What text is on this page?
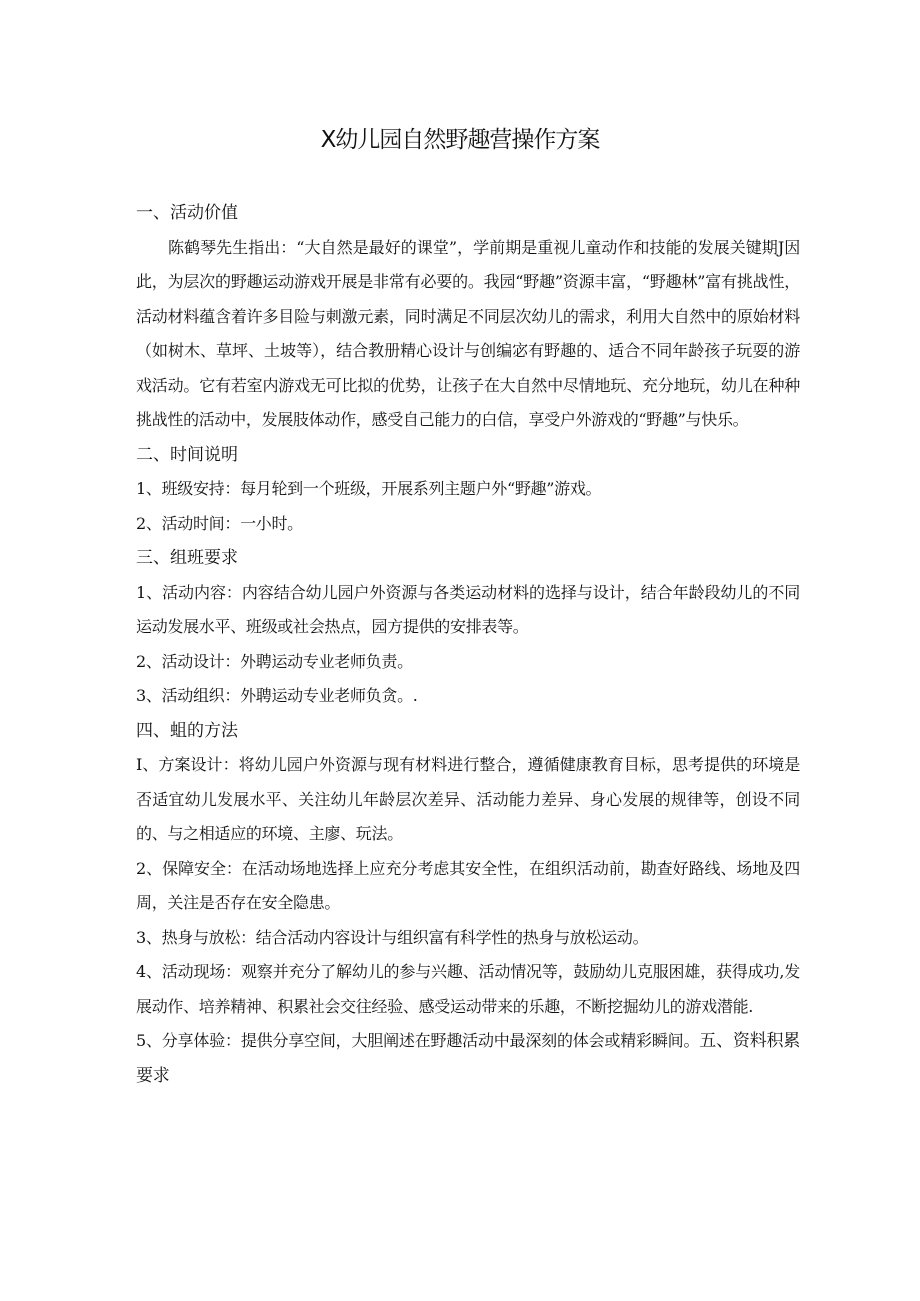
X幼儿园自然野趣营操作方案
一、活动价值

陈鹤琴先生指出：“大自然是最好的课堂”，学前期是重视儿童动作和技能的发展关键期J因此，为层次的野趣运动游戏开展是非常有必要的。我园“野趣”资源丰富，“野趣林”富有挑战性，活动材料蕴含着许多目险与刺激元素，同时满足不同层次幼儿的需求，利用大自然中的原始材料（如树木、草坪、土坡等），结合教册精心设计与创编宓有野趣的、适合不同年龄孩子玩耍的游戏活动。它有若室内游戏无可比拟的优势，让孩子在大自然中尽情地玩、充分地玩，幼儿在种种挑战性的活动中，发展肢体动作，感受自己能力的白信，享受户外游戏的“野趣”与快乐。

二、时间说明

1、班级安持：每月轮到一个班级，开展系列主题户外“野趣”游戏。

2、活动时间：一小时。

三、组班要求

1、活动内容：内容结合幼儿园户外资源与各类运动材料的选择与设计，结合年龄段幼儿的不同运动发展水平、班级或社会热点，园方提供的安排表等。

2、活动设计：外聘运动专业老师负责。

3、活动组织：外聘运动专业老师负贪。.

四、蛆的方法

I、方案设计：将幼儿园户外资源与现有材料进行整合，遵循健康教育目标，思考提供的环境是否适宜幼儿发展水平、关注幼儿年龄层次差异、活动能力差异、身心发展的规律等，创设不同的、与之相适应的环境、主廖、玩法。

2、保障安全：在活动场地选择上应充分考虑其安全性，在组织活动前，勘查好路线、场地及四周，关注是否存在安全隐患。

3、热身与放松：结合活动内容设计与组织富有科学性的热身与放松运动。

4、活动现场：观察并充分了解幼儿的参与兴趣、活动情况等，鼓励幼儿克服困雄，获得成功,发展动作、培养精神、积累社会交往经验、感受运动带来的乐趣，不断挖掘幼儿的游戏潜能.

5、分享体验：提供分享空间，大胆阐述在野趣活动中最深刻的体会或精彩瞬间。五、资料积累要求
